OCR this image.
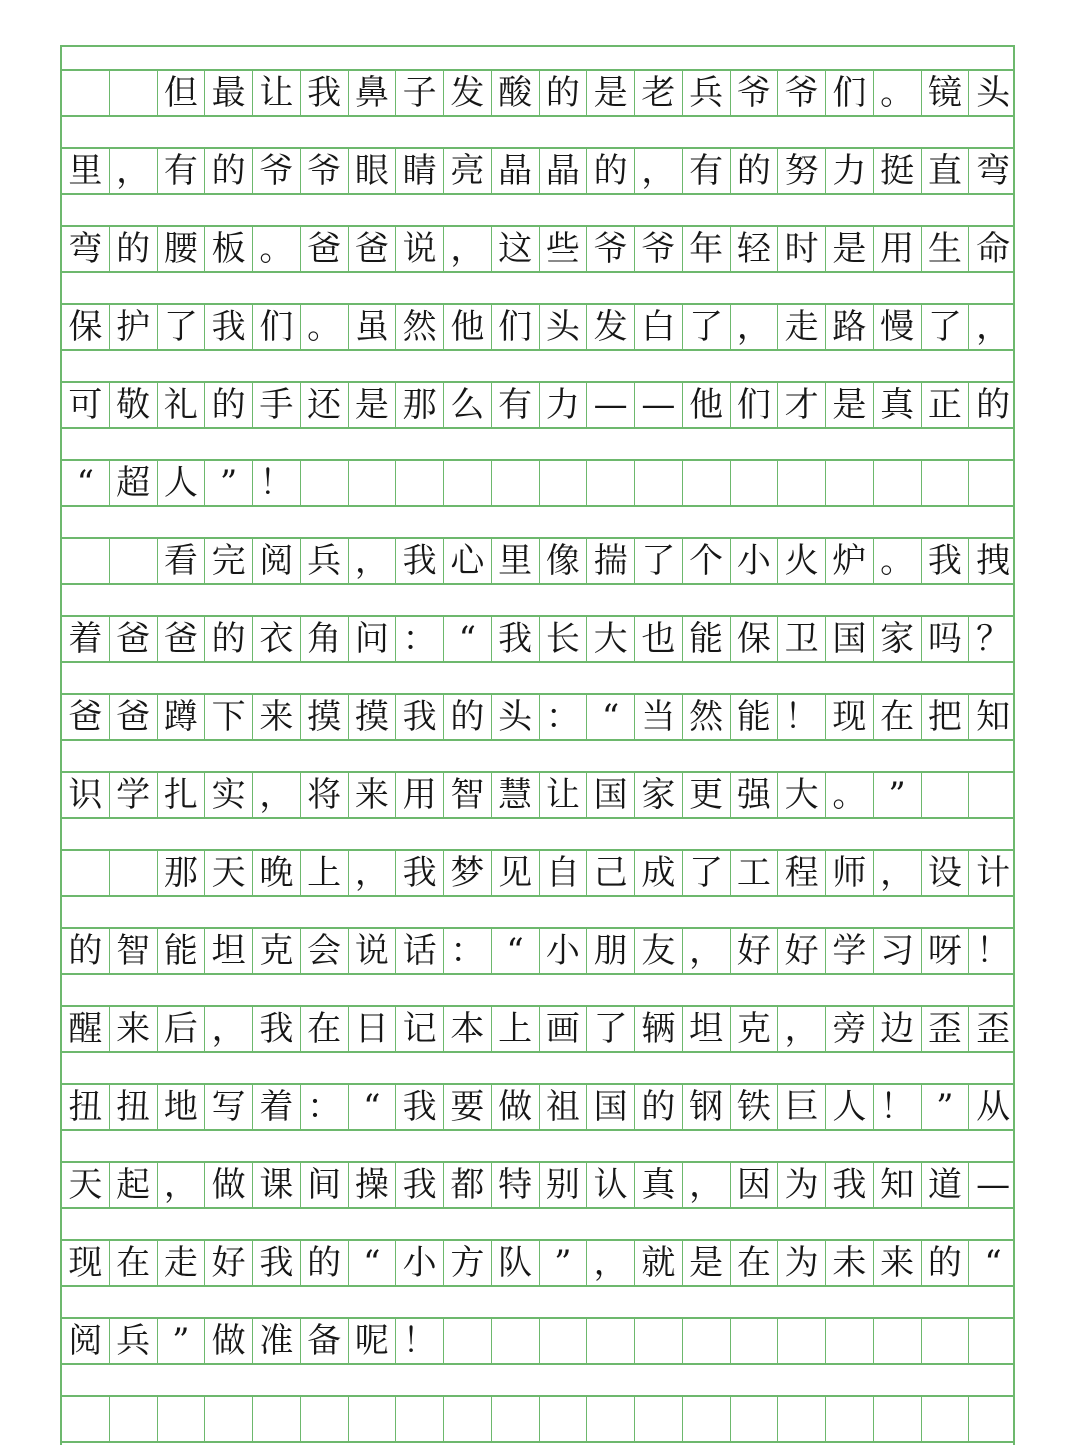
但 最 让 我 鼻 子 发 酸 的 是 老 兵 爷 爷 们 。 镜 头
里 ， 有 的 爷 爷 眼 睛 亮 晶 晶 的 ， 有 的 努 力 挺 直 弯
弯 的 腰 板 。 爸 爸 说 ， 这 些 爷 爷 年 轻 时 是 用 生 命
保 护 了 我 们 。 虽 然 他 们 头 发 白 了 ， 走 路 慢 了 ，
可 敬 礼 的 手 还 是 那 么 有 力 — — 他 们 才 是 真 正 的
“ 超 人 ” ！
看 完 阅 兵 ， 我 心 里 像 揣 了 个 小 火 炉 。 我 拽
着 爸 爸 的 衣 角 问 ： “ 我 长 大 也 能 保 卫 国 家 吗 ？
爸 爸 蹲 下 来 摸 摸 我 的 头 ： “ 当 然 能 ！ 现 在 把 知
识 学 扎 实 ， 将 来 用 智 慧 让 国 家 更 强 大 。 ”
那 天 晚 上 ， 我 梦 见 自 己 成 了 工 程 师 ， 设 计
的 智 能 坦 克 会 说 话 ： “ 小 朋 友 ， 好 好 学 习 呀 ！
醒 来 后 ， 我 在 日 记 本 上 画 了 辆 坦 克 ， 旁 边 歪 歪
扭 扭 地 写 着 ： “ 我 要 做 祖 国 的 钢 铁 巨 人 ！ ” 从
天 起 ， 做 课 间 操 我 都 特 别 认 真 ， 因 为 我 知 道 —
现 在 走 好 我 的 “ 小 方 队 ” ， 就 是 在 为 未 来 的 “
阅 兵 ” 做 准 备 呢 ！
